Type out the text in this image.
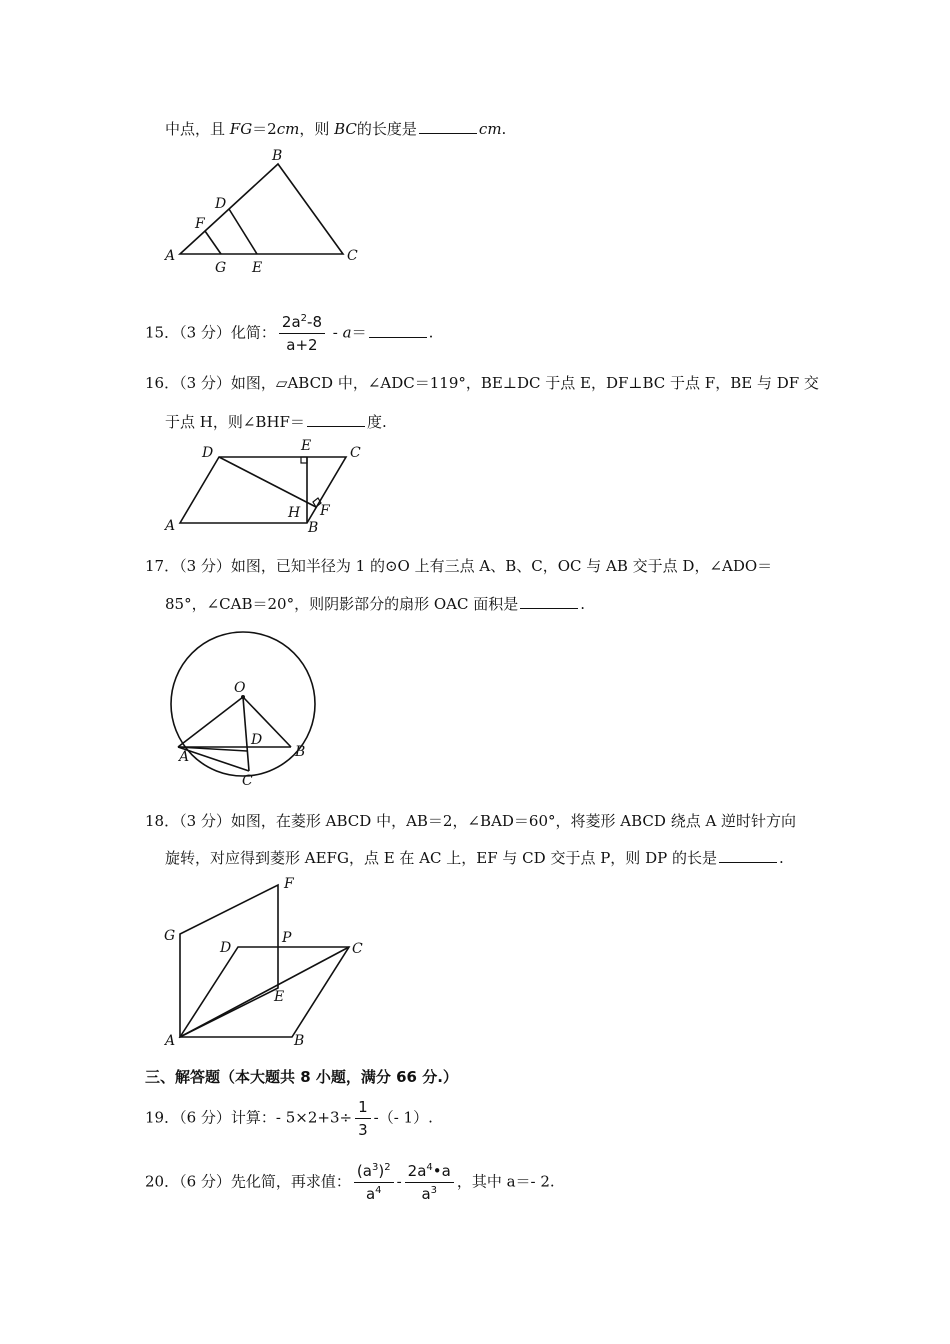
中点，且 FG＝2cm，则 BC的长度是	cm.
A
B
C
D
F
G E
15．（3 分）化简： $\frac{2a^2-8}{a+2} - a=$	.
16．（3 分）如图，▱ABCD 中，∠ADC＝119°，BE⊥DC 于点 E，DF⊥BC 于点 F，BE 与 DF 交
于点 H，则∠BHF＝	度.
A
D	E	C
F
H
B
17．（3 分）如图，已知半径为 1 的⊙O 上有三点 A、B、C，OC 与 AB 交于点 D，∠ADO＝
85°，∠CAB＝20°，则阴影部分的扇形 OAC 面积是	.
O
D
A	B
C
18．（3 分）如图，在菱形 ABCD 中，AB＝2，∠BAD＝60°，将菱形 ABCD 绕点 A 逆时针方向
旋转，对应得到菱形 AEFG，点 E 在 AC 上，EF 与 CD 交于点 P，则 DP 的长是	.
A	B
C
D
E
F
G	P
三、解答题（本大题共 8 小题，满分 66 分.）
19．（6 分）计算：- $5\times 2+3\div \frac{1}{3}$ -（- 1）.
20．（6 分）先化简，再求值： $\frac{(a^3)^2}{a^4} - \frac{2a^4•a}{a^3}$ ，其中 a＝- 2.
